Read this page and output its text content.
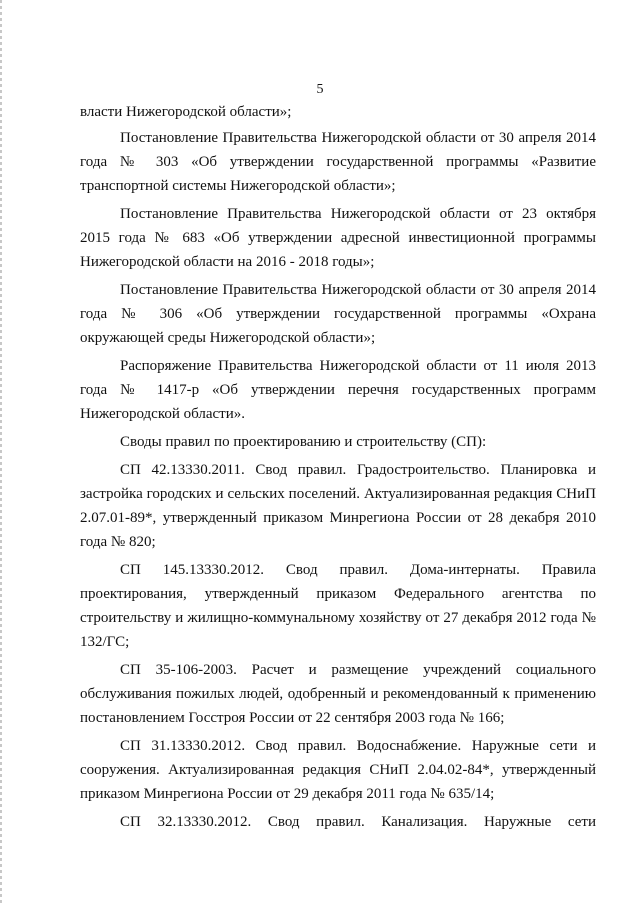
5

власти Нижегородской области»;

Постановление Правительства Нижегородской области от 30 апреля 2014 года № 303 «Об утверждении государственной программы «Развитие транспортной системы Нижегородской области»;

Постановление Правительства Нижегородской области от 23 октября 2015 года № 683 «Об утверждении адресной инвестиционной программы Нижегородской области на 2016 - 2018 годы»;

Постановление Правительства Нижегородской области от 30 апреля 2014 года № 306 «Об утверждении государственной программы «Охрана окружающей среды Нижегородской области»;

Распоряжение Правительства Нижегородской области от 11 июля 2013 года № 1417-р «Об утверждении перечня государственных программ Нижегородской области».

Своды правил по проектированию и строительству (СП):

СП 42.13330.2011. Свод правил. Градостроительство. Планировка и застройка городских и сельских поселений. Актуализированная редакция СНиП 2.07.01-89*, утвержденный приказом Минрегиона России от 28 декабря 2010 года № 820;

СП 145.13330.2012. Свод правил. Дома-интернаты. Правила проектирования, утвержденный приказом Федерального агентства по строительству и жилищно-коммунальному хозяйству от 27 декабря 2012 года № 132/ГС;

СП 35-106-2003. Расчет и размещение учреждений социального обслуживания пожилых людей, одобренный и рекомендованный к применению постановлением Госстроя России от 22 сентября 2003 года № 166;

СП 31.13330.2012. Свод правил. Водоснабжение. Наружные сети и сооружения. Актуализированная редакция СНиП 2.04.02-84*, утвержденный приказом Минрегиона России от 29 декабря 2011 года № 635/14;

СП 32.13330.2012. Свод правил. Канализация. Наружные сети
